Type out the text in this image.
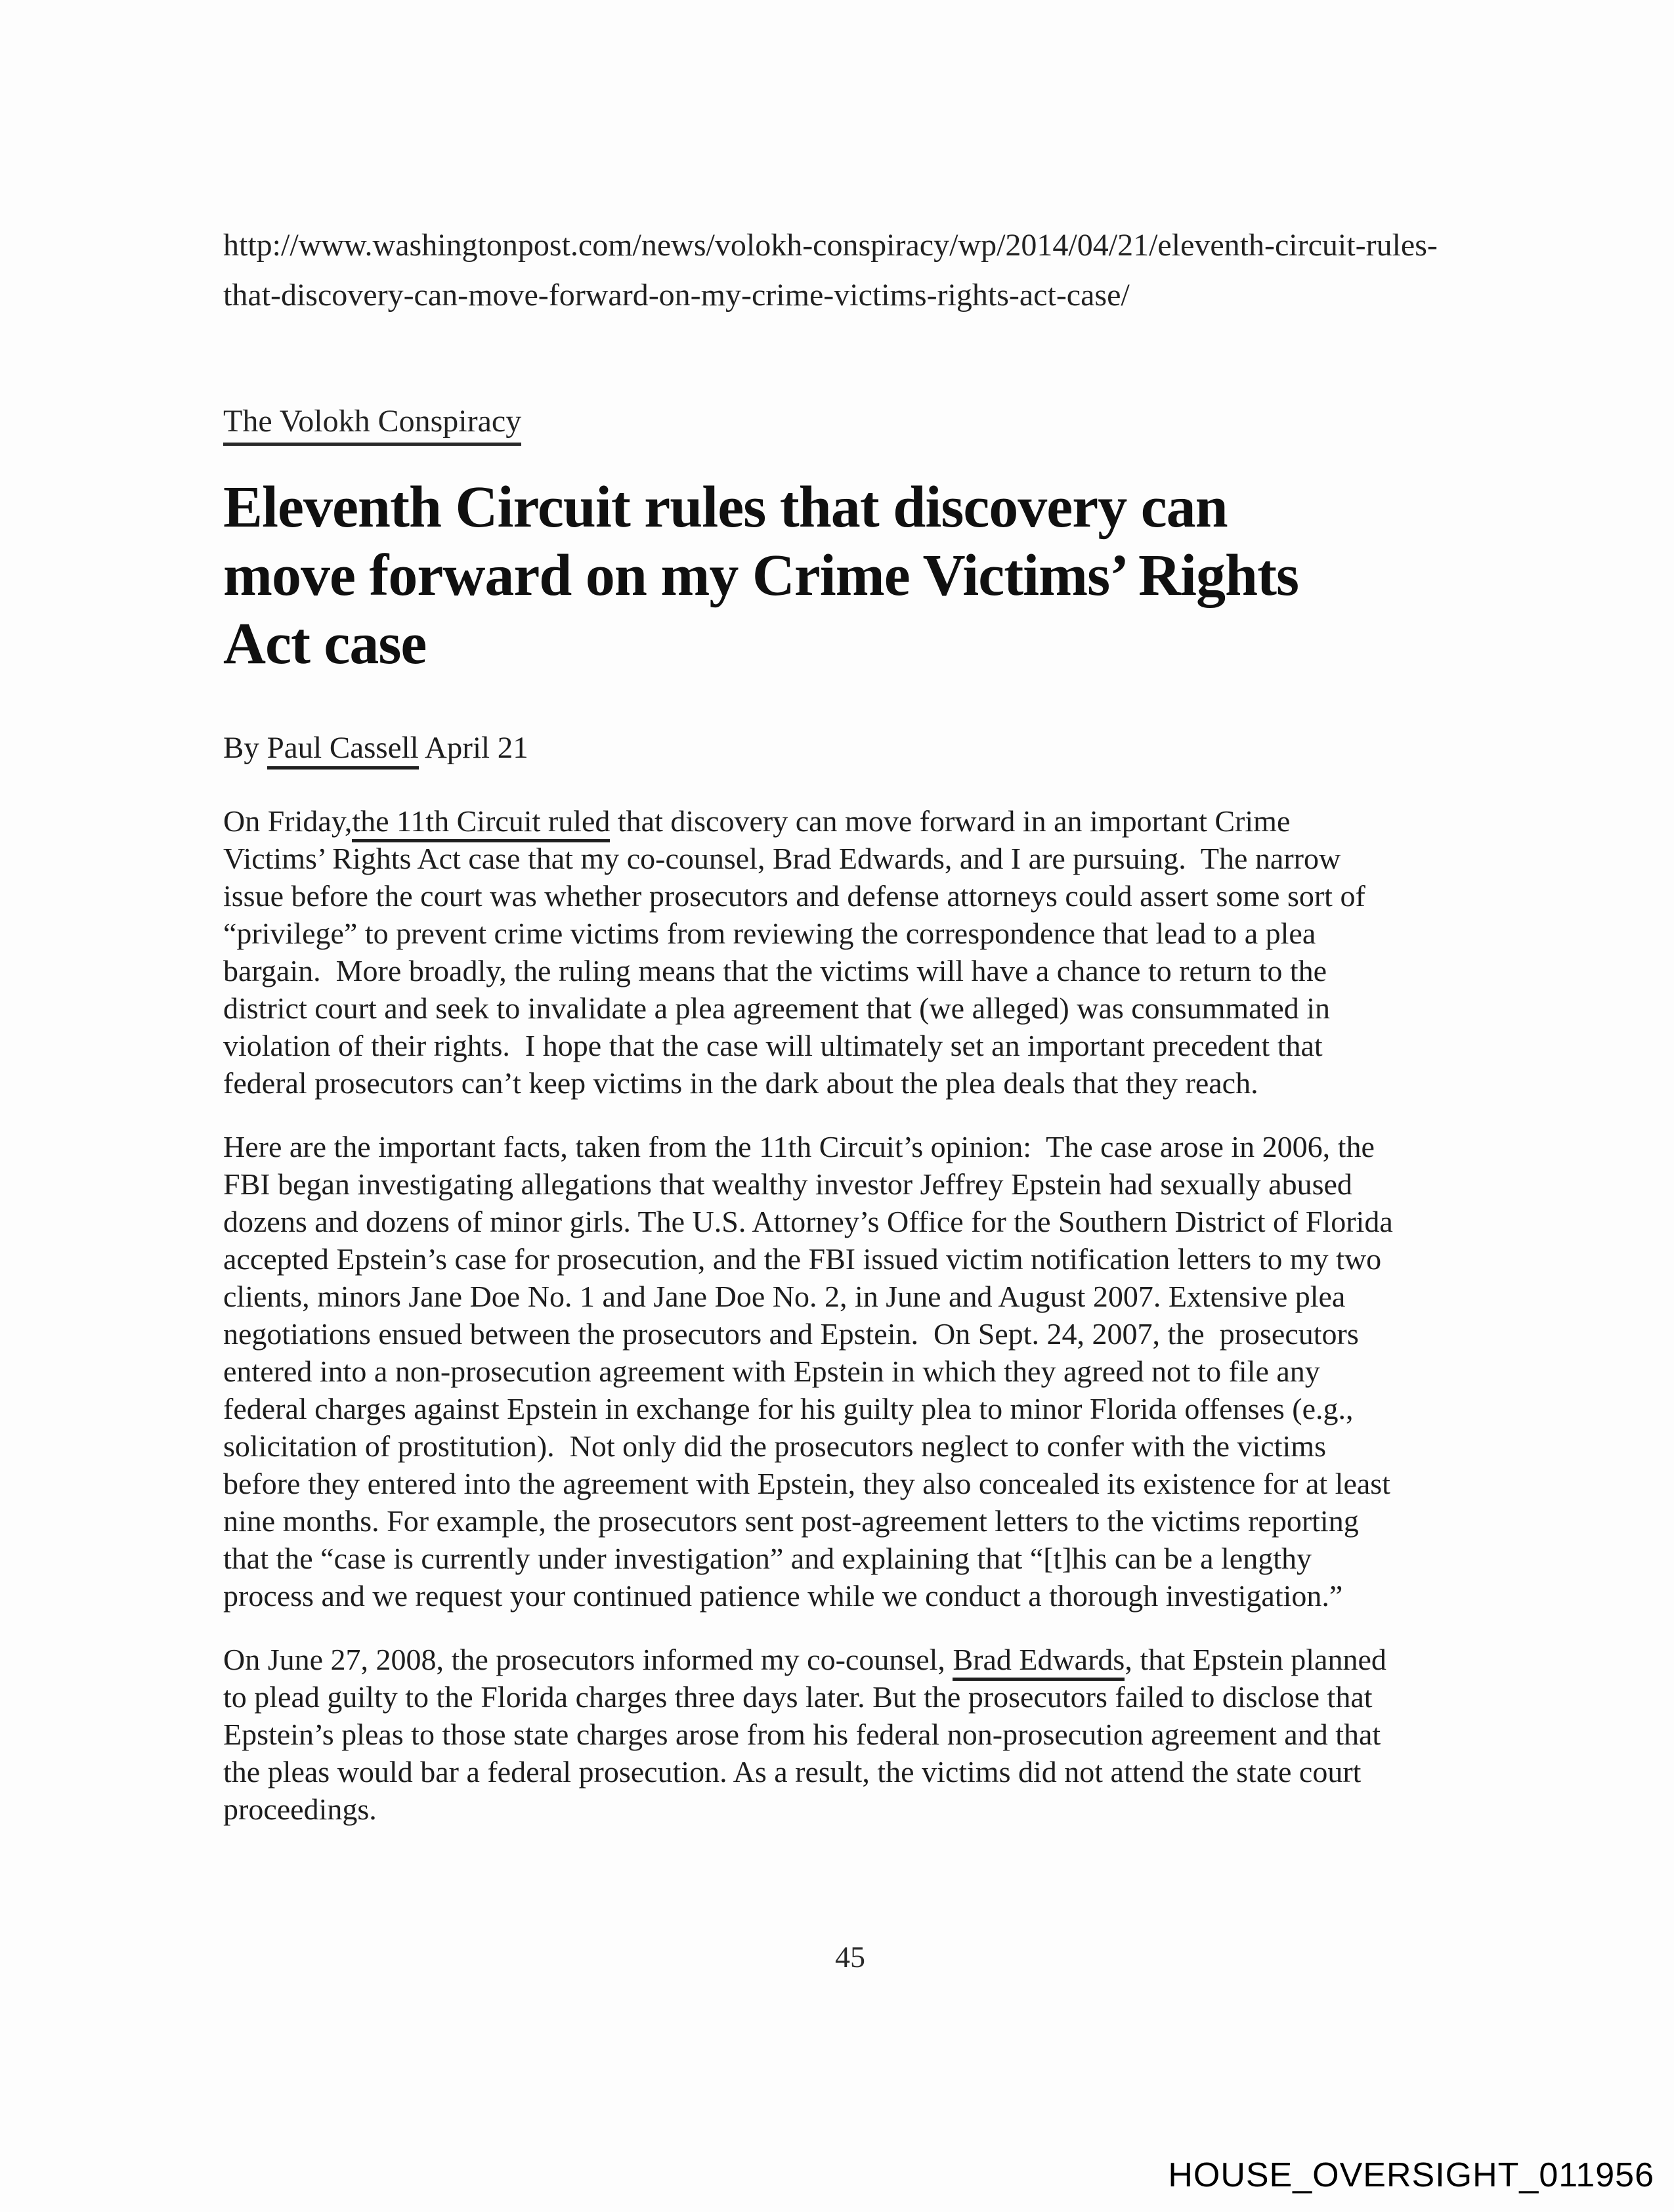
http://www.washingtonpost.com/news/volokh-conspiracy/wp/2014/04/21/eleventh-circuit-rules-
that-discovery-can-move-forward-on-my-crime-victims-rights-act-case/
The Volokh Conspiracy
Eleventh Circuit rules that discovery can
move forward on my Crime Victims’ Rights
Act case
By Paul Cassell April 21
On Friday,the 11th Circuit ruled that discovery can move forward in an important Crime
Victims’ Rights Act case that my co-counsel, Brad Edwards, and I are pursuing.  The narrow
issue before the court was whether prosecutors and defense attorneys could assert some sort of
“privilege” to prevent crime victims from reviewing the correspondence that lead to a plea
bargain.  More broadly, the ruling means that the victims will have a chance to return to the
district court and seek to invalidate a plea agreement that (we alleged) was consummated in
violation of their rights.  I hope that the case will ultimately set an important precedent that
federal prosecutors can’t keep victims in the dark about the plea deals that they reach.
Here are the important facts, taken from the 11th Circuit’s opinion:  The case arose in 2006, the
FBI began investigating allegations that wealthy investor Jeffrey Epstein had sexually abused
dozens and dozens of minor girls. The U.S. Attorney’s Office for the Southern District of Florida
accepted Epstein’s case for prosecution, and the FBI issued victim notification letters to my two
clients, minors Jane Doe No. 1 and Jane Doe No. 2, in June and August 2007. Extensive plea
negotiations ensued between the prosecutors and Epstein.  On Sept. 24, 2007, the  prosecutors
entered into a non-prosecution agreement with Epstein in which they agreed not to file any
federal charges against Epstein in exchange for his guilty plea to minor Florida offenses (e.g.,
solicitation of prostitution).  Not only did the prosecutors neglect to confer with the victims
before they entered into the agreement with Epstein, they also concealed its existence for at least
nine months. For example, the prosecutors sent post-agreement letters to the victims reporting
that the “case is currently under investigation” and explaining that “[t]his can be a lengthy
process and we request your continued patience while we conduct a thorough investigation.”
On June 27, 2008, the prosecutors informed my co-counsel, Brad Edwards, that Epstein planned
to plead guilty to the Florida charges three days later. But the prosecutors failed to disclose that
Epstein’s pleas to those state charges arose from his federal non-prosecution agreement and that
the pleas would bar a federal prosecution. As a result, the victims did not attend the state court
proceedings.
45
HOUSE_OVERSIGHT_011956
